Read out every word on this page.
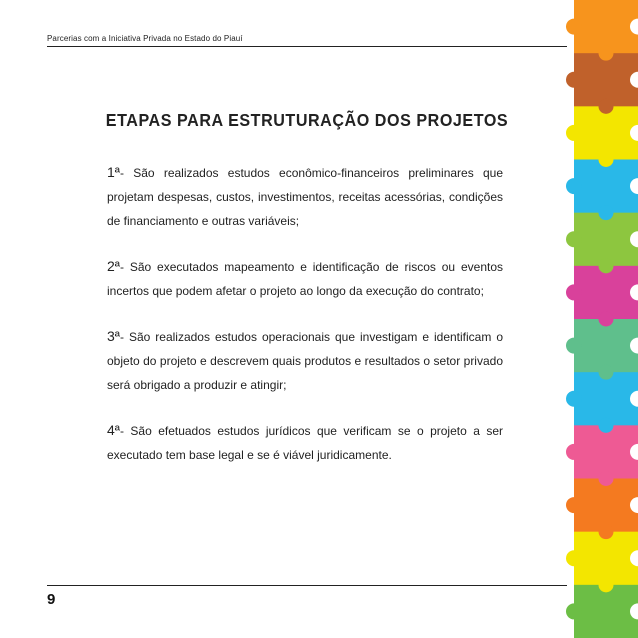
Parcerias com a Iniciativa Privada no Estado do Piauí
ETAPAS PARA ESTRUTURAÇÃO DOS PROJETOS

1ª- São realizados estudos econômico-financeiros preliminares que projetam despesas, custos, investimentos, receitas acessórias, condições de financiamento e outras variáveis;

2ª- São executados mapeamento e identificação de riscos ou eventos incertos que podem afetar o projeto ao longo da execução do contrato;

3ª- São realizados estudos operacionais que investigam e identificam o objeto do projeto e descrevem quais produtos e resultados o setor privado será obrigado a produzir e atingir;

4ª- São efetuados estudos jurídicos que verificam se o projeto a ser executado tem base legal e se é viável juridicamente.

9
